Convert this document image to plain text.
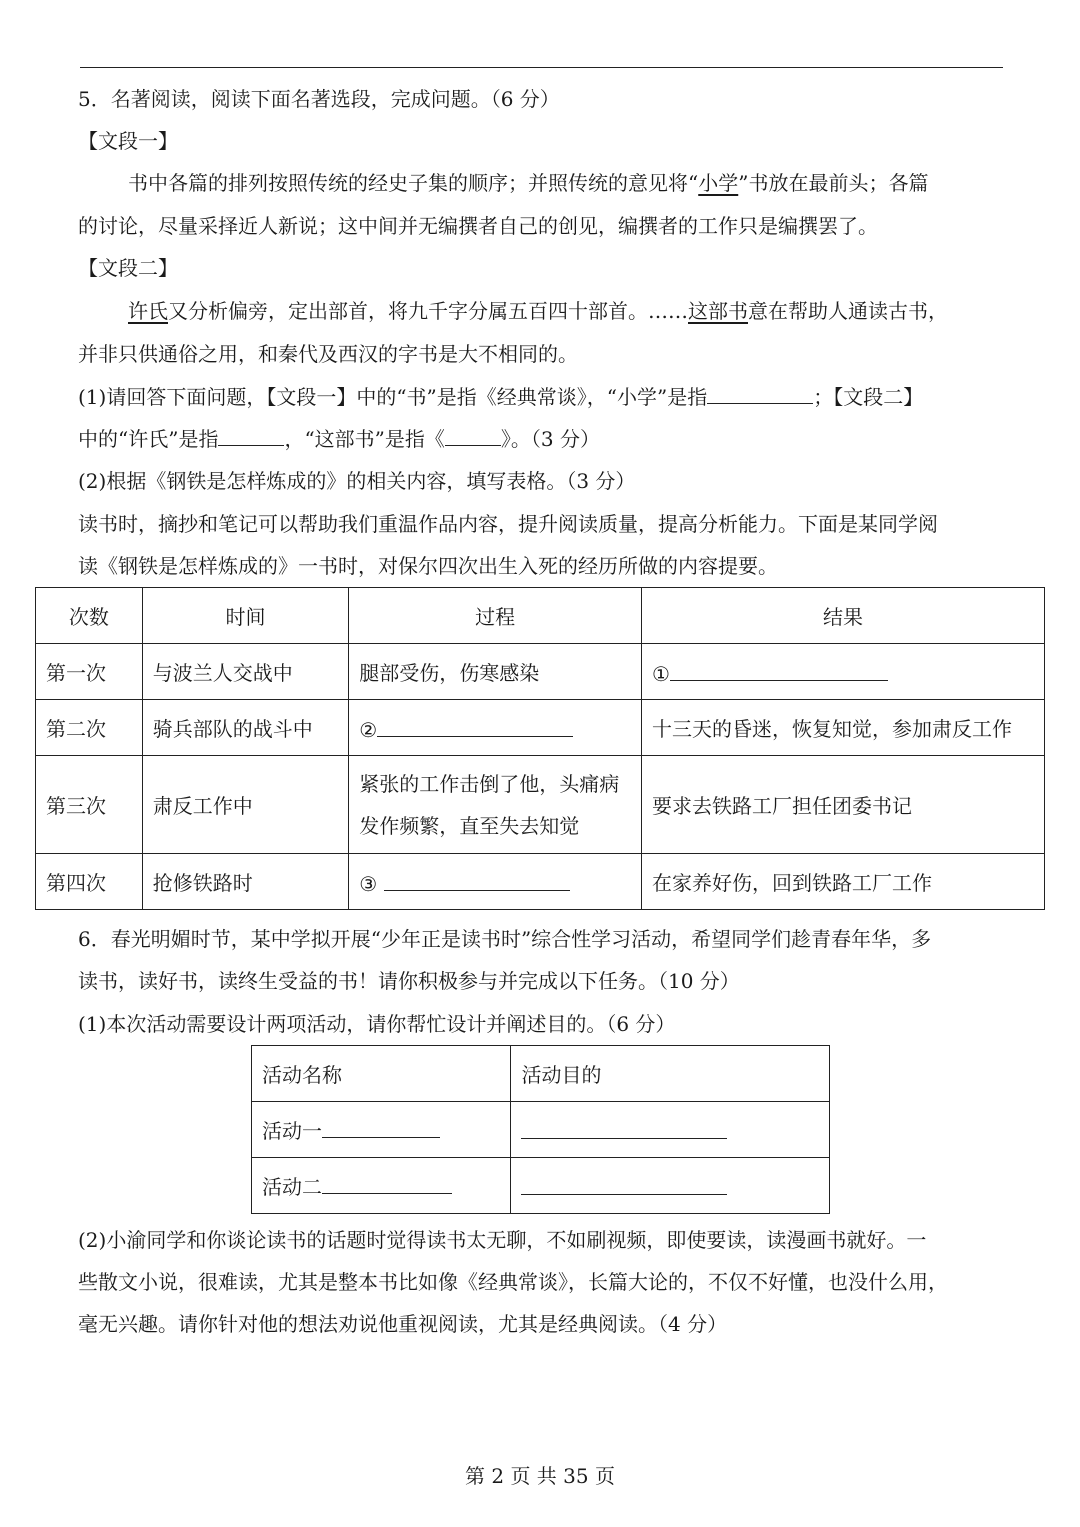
5．名著阅读，阅读下面名著选段，完成问题。（6 分）
【文段一】
书中各篇的排列按照传统的经史子集的顺序；并照传统的意见将“小学”书放在最前头；各篇
的讨论，尽量采择近人新说；这中间并无编撰者自己的创见，编撰者的工作只是编撰罢了。
【文段二】
许氏又分析偏旁，定出部首，将九千字分属五百四十部首。……这部书意在帮助人通读古书，
并非只供通俗之用，和秦代及西汉的字书是大不相同的。
(1)请回答下面问题，【文段一】中的“书”是指《经典常谈》，“小学”是指	；【文段二】
中的“许氏”是指	，“这部书”是指《	》。（3 分）
(2)根据《钢铁是怎样炼成的》的相关内容，填写表格。（3 分）
读书时，摘抄和笔记可以帮助我们重温作品内容，提升阅读质量，提高分析能力。下面是某同学阅
读《钢铁是怎样炼成的》一书时，对保尔四次出生入死的经历所做的内容提要。
次数	时间	过程	结果
第一次	与波兰人交战中	腿部受伤，伤寒感染	①
第二次	骑兵部队的战斗中	②	十三天的昏迷，恢复知觉，参加肃反工作
第三次	肃反工作中	紧张的工作击倒了他，头痛病发作频繁，直至失去知觉	要求去铁路工厂担任团委书记
第四次	抢修铁路时	③	在家养好伤，回到铁路工厂工作
6．春光明媚时节，某中学拟开展“少年正是读书时”综合性学习活动，希望同学们趁青春年华，多
读书，读好书，读终生受益的书！请你积极参与并完成以下任务。（10 分）
(1)本次活动需要设计两项活动，请你帮忙设计并阐述目的。（6 分）
活动名称	活动目的
活动一	
活动二	
(2)小渝同学和你谈论读书的话题时觉得读书太无聊，不如刷视频，即使要读，读漫画书就好。一
些散文小说，很难读，尤其是整本书比如像《经典常谈》，长篇大论的，不仅不好懂，也没什么用，
毫无兴趣。请你针对他的想法劝说他重视阅读，尤其是经典阅读。（4 分）
第 2 页 共 35 页
